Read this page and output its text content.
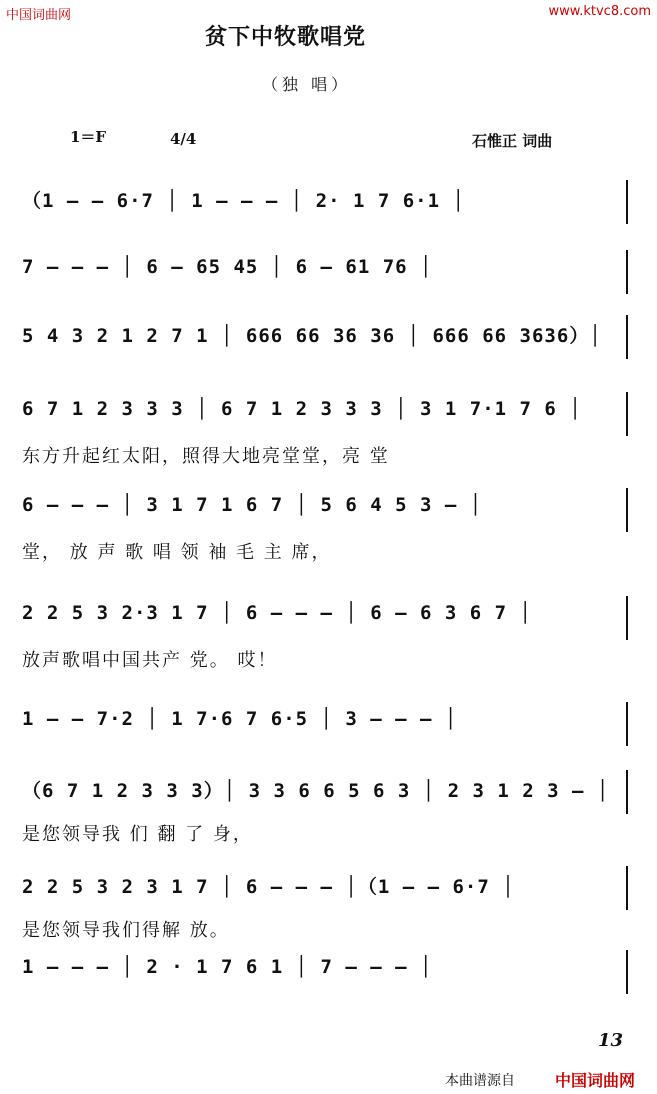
中国词曲网	www.ktvc8.com
贫下中牧歌唱党
（独 唱）
1＝F	4/4	石惟正 词曲
（1 — — 6·7 │ 1 — — — │ 2· 1 7 6·1 │
7 — — — │ 6 — 65 45 │ 6 — 61 76 │
5 4 3 2 1 2 7 1 │ 666 66 36 36 │ 666 66 3636）│
6 7 1 2 3 3 3 │ 6 7 1 2 3 3 3 │ 3 1 7·1 7 6 │
东方升起红太阳，照得大地亮堂堂，亮 堂
6 — — — │ 3 1 7 1 6 7 │ 5 6 4 5 3 — │
堂， 放 声 歌 唱 领 袖 毛 主 席，
2 2 5 3 2·3 1 7 │ 6 — — — │ 6 — 6 3 6 7 │
放声歌唱中国共产 党。 哎！
1 — — 7·2 │ 1 7·6 7 6·5 │ 3 — — — │
（6 7 1 2 3 3 3）│ 3 3 6 6 5 6 3 │ 2 3 1 2 3 — │
是您领导我 们 翻 了 身，
2 2 5 3 2 3 1 7 │ 6 — — — │（1 — — 6·7 │
是您领导我们得解 放。
1 — — — │ 2 · 1 7 6 1 │ 7 — — — │
13
本曲谱源自	中国词曲网
